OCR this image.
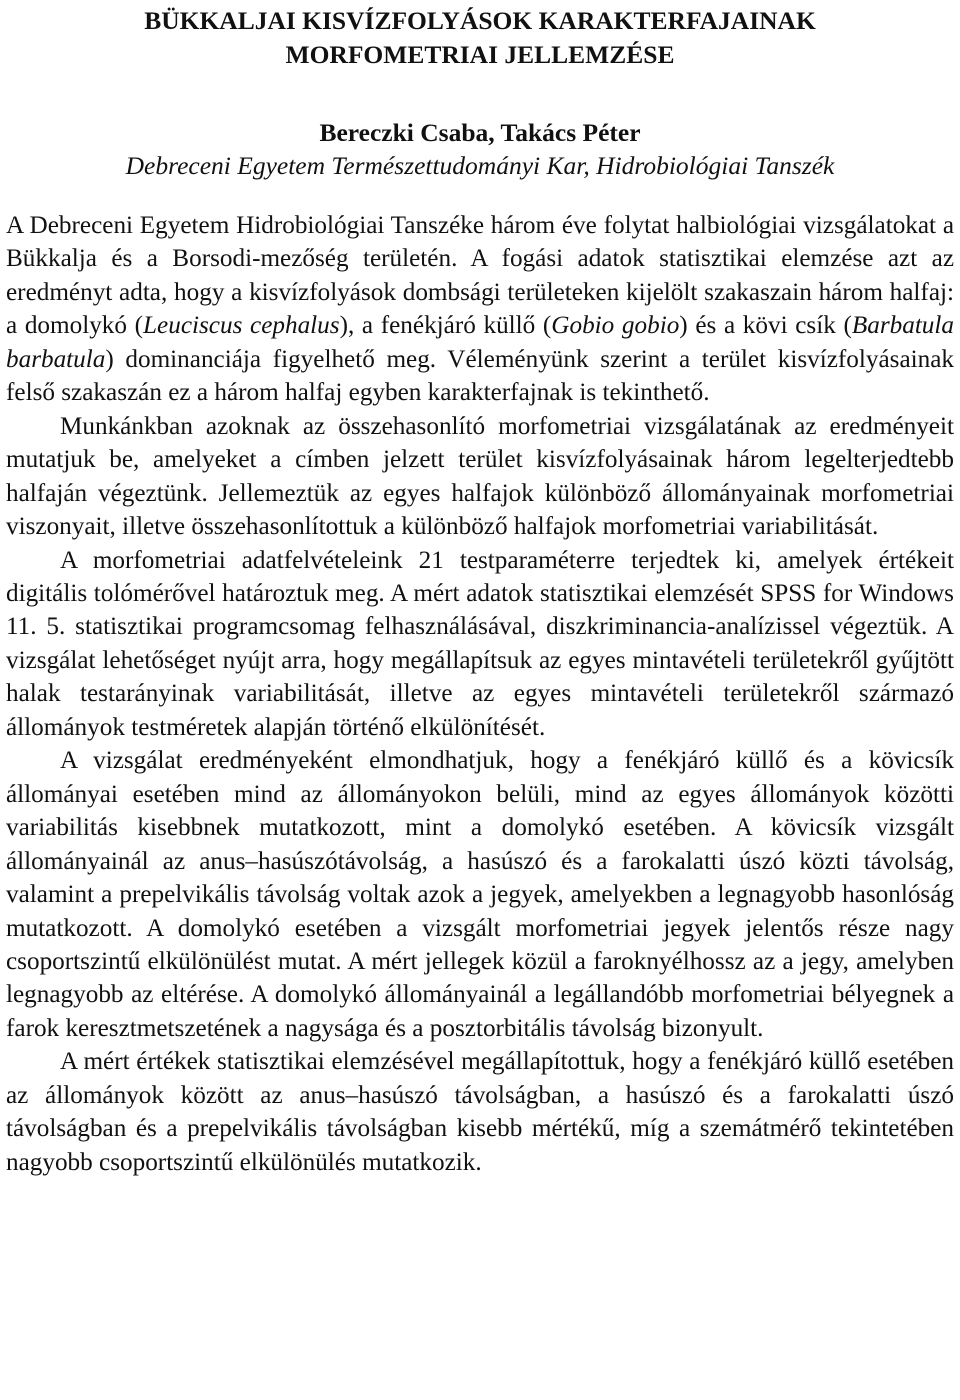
BÜKKALJAI KISVÍZFOLYÁSOK KARAKTERFAJAINAK
MORFOMETRIAI JELLEMZÉSE

Bereczki Csaba, Takács Péter

Debreceni Egyetem Természettudományi Kar, Hidrobiológiai Tanszék

A Debreceni Egyetem Hidrobiológiai Tanszéke három éve folytat halbiológiai vizsgálatokat a Bükkalja és a Borsodi-mezőség területén. A fogási adatok statisztikai elemzése azt az eredményt adta, hogy a kisvízfolyások dombsági területeken kijelölt szakaszain három halfaj: a domolykó (Leuciscus cephalus), a fenékjáró küllő (Gobio gobio) és a kövi csík (Barbatula barbatula) dominanciája figyelhető meg. Véleményünk szerint a terület kisvízfolyásainak felső szakaszán ez a három halfaj egyben karakterfajnak is tekinthető.

Munkánkban azoknak az összehasonlító morfometriai vizsgálatának az eredményeit mutatjuk be, amelyeket a címben jelzett terület kisvízfolyásainak három legelterjedtebb halfaján végeztünk. Jellemeztük az egyes halfajok különböző állományainak morfometriai viszonyait, illetve összehasonlítottuk a különböző halfajok morfometriai variabilitását.

A morfometriai adatfelvételeink 21 testparaméterre terjedtek ki, amelyek értékeit digitális tolómérővel határoztuk meg. A mért adatok statisztikai elemzését SPSS for Windows 11. 5. statisztikai programcsomag felhasználásával, diszkriminancia-analízissel végeztük. A vizsgálat lehetőséget nyújt arra, hogy megállapítsuk az egyes mintavételi területekről gyűjtött halak testarányinak variabilitását, illetve az egyes mintavételi területekről származó állományok testméretek alapján történő elkülönítését.

A vizsgálat eredményeként elmondhatjuk, hogy a fenékjáró küllő és a kövicsík állományai esetében mind az állományokon belüli, mind az egyes állományok közötti variabilitás kisebbnek mutatkozott, mint a domolykó esetében. A kövicsík vizsgált állományainál az anus–hasúszótávolság, a hasúszó és a farokalatti úszó közti távolság, valamint a prepelvikális távolság voltak azok a jegyek, amelyekben a legnagyobb hasonlóság mutatkozott. A domolykó esetében a vizsgált morfometriai jegyek jelentős része nagy csoportszintű elkülönülést mutat. A mért jellegek közül a faroknyélhossz az a jegy, amelyben legnagyobb az eltérése. A domolykó állományainál a legállandóbb morfometriai bélyegnek a farok keresztmetszetének a nagysága és a posztorbitális távolság bizonyult.

A mért értékek statisztikai elemzésével megállapítottuk, hogy a fenékjáró küllő esetében az állományok között az anus–hasúszó távolságban, a hasúszó és a farokalatti úszó távolságban és a prepelvikális távolságban kisebb mértékű, míg a szemátmérő tekintetében nagyobb csoportszintű elkülönülés mutatkozik.
